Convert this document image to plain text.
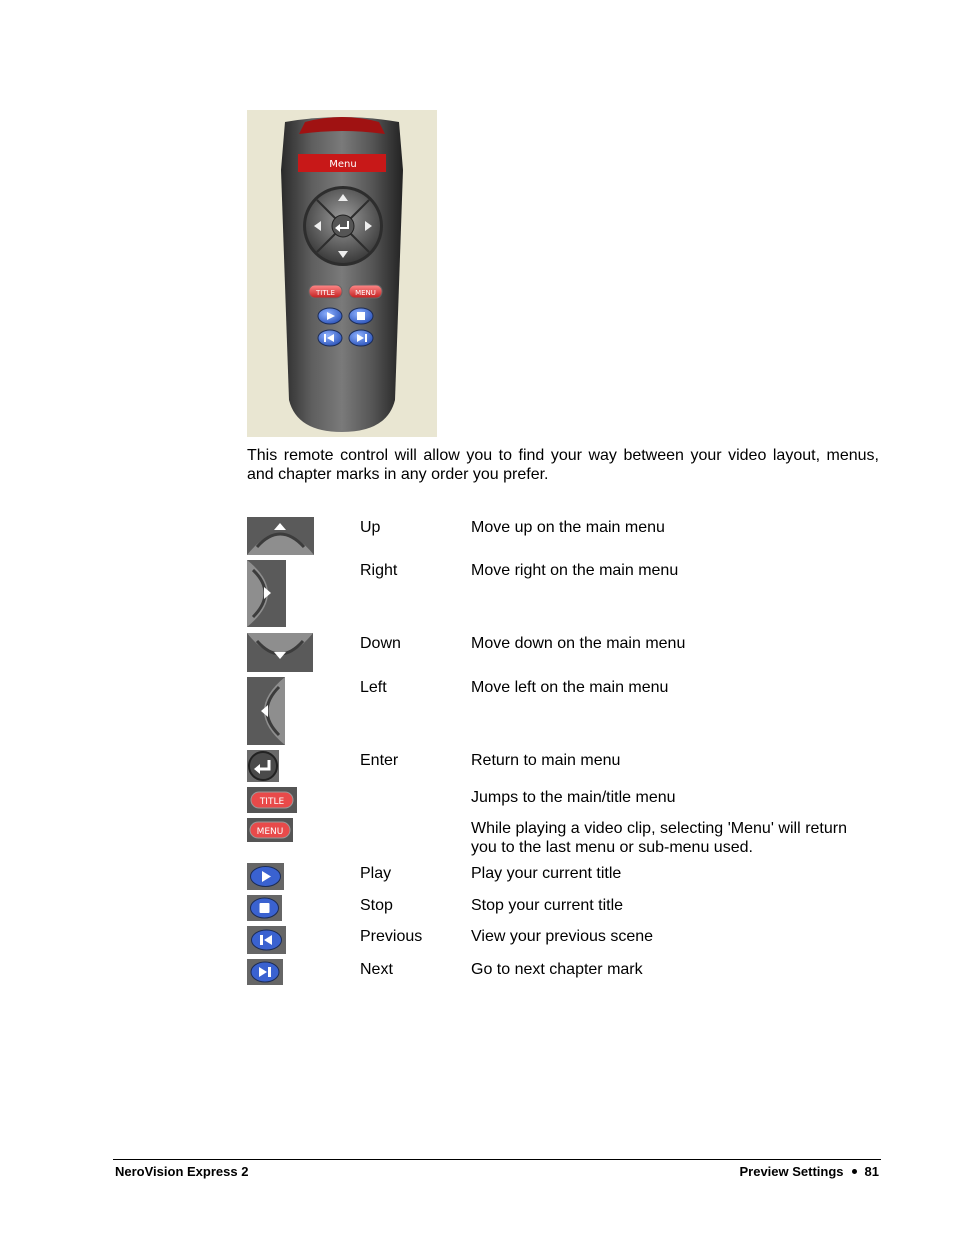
Menu
TITLE	MENU

This remote control will allow you to find your way between your video layout, menus, and chapter marks in any order you prefer.

Up	Move up on the main menu
Right	Move right on the main menu
Down	Move down on the main menu
Left	Move left on the main menu
Enter	Return to main menu
TITLE	Jumps to the main/title menu
MENU	While playing a video clip, selecting 'Menu' will return you to the last menu or sub-menu used.
Play	Play your current title
Stop	Stop your current title
Previous	View your previous scene
Next	Go to next chapter mark
NeroVision Express 2	Preview Settings 81
